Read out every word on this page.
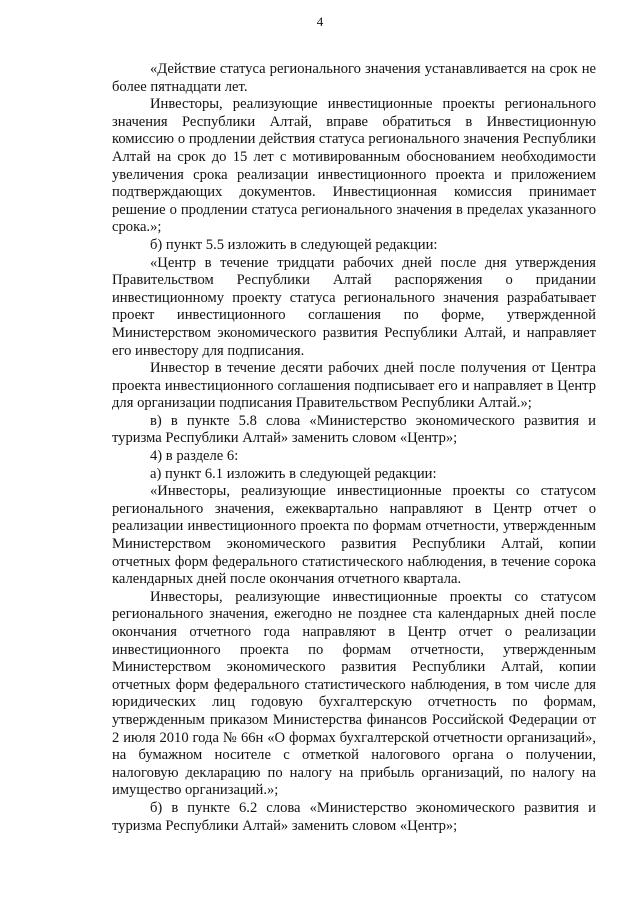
4

«Действие статуса регионального значения устанавливается на срок не более пятнадцати лет.

Инвесторы, реализующие инвестиционные проекты регионального значения Республики Алтай, вправе обратиться в Инвестиционную комиссию о продлении действия статуса регионального значения Республики Алтай на срок до 15 лет с мотивированным обоснованием необходимости увеличения срока реализации инвестиционного проекта и приложением подтверждающих документов. Инвестиционная комиссия принимает решение о продлении статуса регионального значения в пределах указанного срока.»;

б) пункт 5.5 изложить в следующей редакции:

«Центр в течение тридцати рабочих дней после дня утверждения Правительством Республики Алтай распоряжения о придании инвестиционному проекту статуса регионального значения разрабатывает проект инвестиционного соглашения по форме, утвержденной Министерством экономического развития Республики Алтай, и направляет его инвестору для подписания.

Инвестор в течение десяти рабочих дней после получения от Центра проекта инвестиционного соглашения подписывает его и направляет в Центр для организации подписания Правительством Республики Алтай.»;

в) в пункте 5.8 слова «Министерство экономического развития и туризма Республики Алтай» заменить словом «Центр»;

4) в разделе 6:

а) пункт 6.1 изложить в следующей редакции:

«Инвесторы, реализующие инвестиционные проекты со статусом регионального значения, ежеквартально направляют в Центр отчет о реализации инвестиционного проекта по формам отчетности, утвержденным Министерством экономического развития Республики Алтай, копии отчетных форм федерального статистического наблюдения, в течение сорока календарных дней после окончания отчетного квартала.

Инвесторы, реализующие инвестиционные проекты со статусом регионального значения, ежегодно не позднее ста календарных дней после окончания отчетного года направляют в Центр отчет о реализации инвестиционного проекта по формам отчетности, утвержденным Министерством экономического развития Республики Алтай, копии отчетных форм федерального статистического наблюдения, в том числе для юридических лиц годовую бухгалтерскую отчетность по формам, утвержденным приказом Министерства финансов Российской Федерации от 2 июля 2010 года № 66н «О формах бухгалтерской отчетности организаций», на бумажном носителе с отметкой налогового органа о получении, налоговую декларацию по налогу на прибыль организаций, по налогу на имущество организаций.»;

б) в пункте 6.2 слова «Министерство экономического развития и туризма Республики Алтай» заменить словом «Центр»;
